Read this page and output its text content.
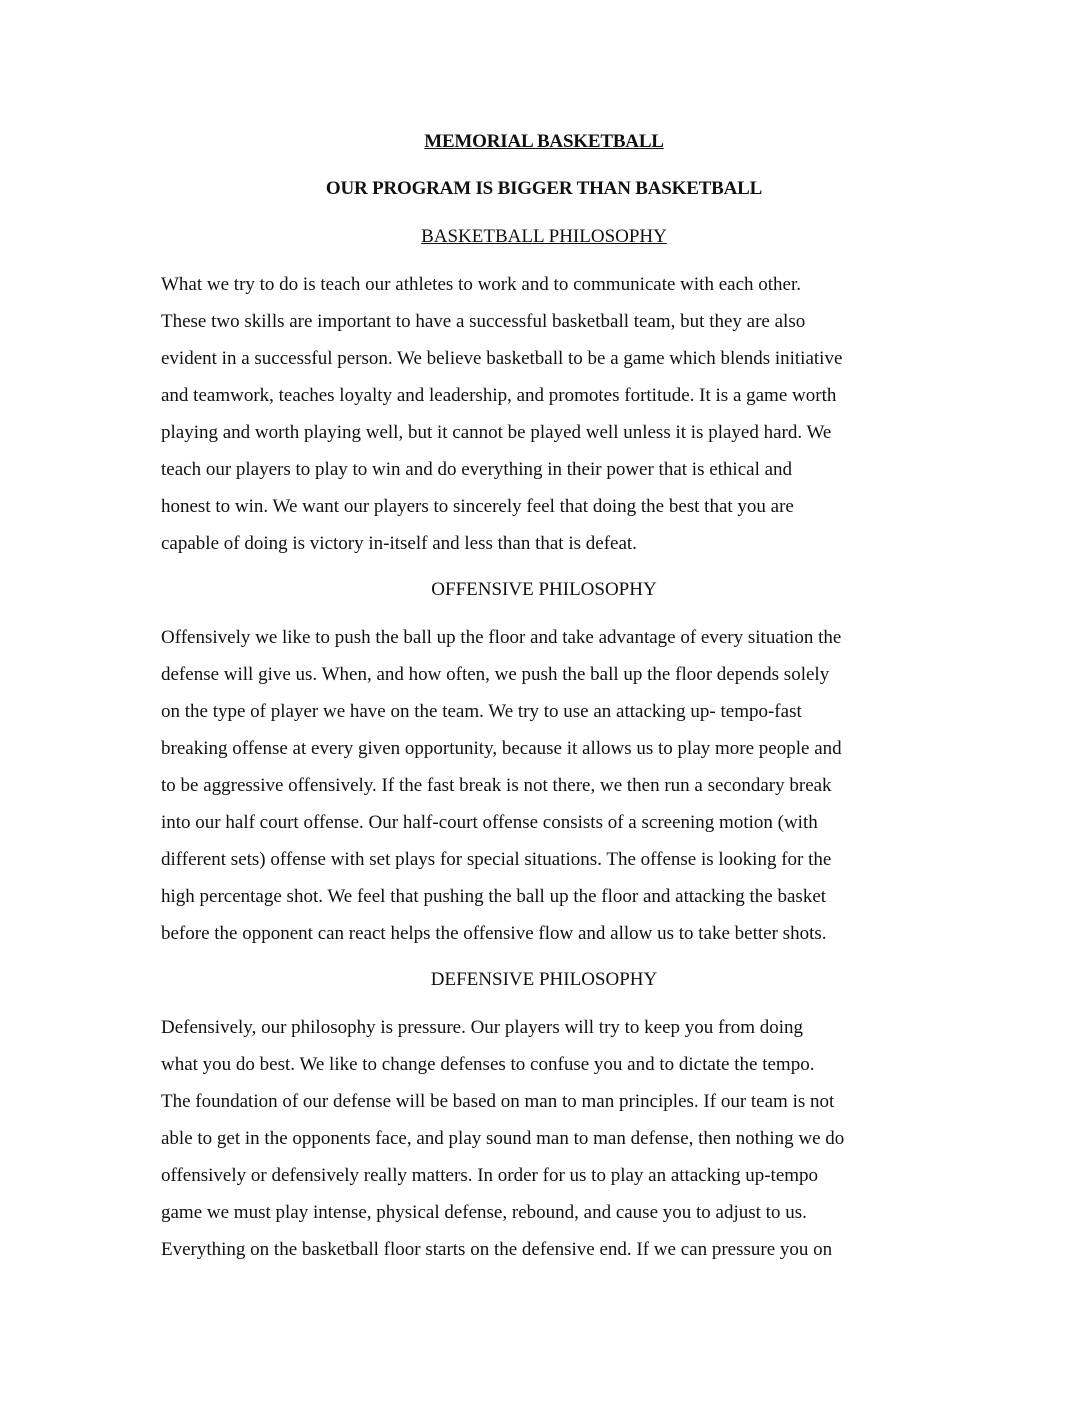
MEMORIAL BASKETBALL
OUR PROGRAM IS BIGGER THAN BASKETBALL
BASKETBALL PHILOSOPHY
What we try to do is teach our athletes to work and to communicate with each other.
These two skills are important to have a successful basketball team, but they are also
evident in a successful person. We believe basketball to be a game which blends initiative
and teamwork, teaches loyalty and leadership, and promotes fortitude. It is a game worth
playing and worth playing well, but it cannot be played well unless it is played hard. We
teach our players to play to win and do everything in their power that is ethical and
honest to win. We want our players to sincerely feel that doing the best that you are
capable of doing is victory in-itself and less than that is defeat.
OFFENSIVE PHILOSOPHY
Offensively we like to push the ball up the floor and take advantage of every situation the
defense will give us. When, and how often, we push the ball up the floor depends solely
on the type of player we have on the team. We try to use an attacking up- tempo-fast
breaking offense at every given opportunity, because it allows us to play more people and
to be aggressive offensively. If the fast break is not there, we then run a secondary break
into our half court offense. Our half-court offense consists of a screening motion (with
different sets) offense with set plays for special situations. The offense is looking for the
high percentage shot. We feel that pushing the ball up the floor and attacking the basket
before the opponent can react helps the offensive flow and allow us to take better shots.
DEFENSIVE PHILOSOPHY
Defensively, our philosophy is pressure. Our players will try to keep you from doing
what you do best. We like to change defenses to confuse you and to dictate the tempo.
The foundation of our defense will be based on man to man principles. If our team is not
able to get in the opponents face, and play sound man to man defense, then nothing we do
offensively or defensively really matters. In order for us to play an attacking up-tempo
game we must play intense, physical defense, rebound, and cause you to adjust to us.
Everything on the basketball floor starts on the defensive end. If we can pressure you on
